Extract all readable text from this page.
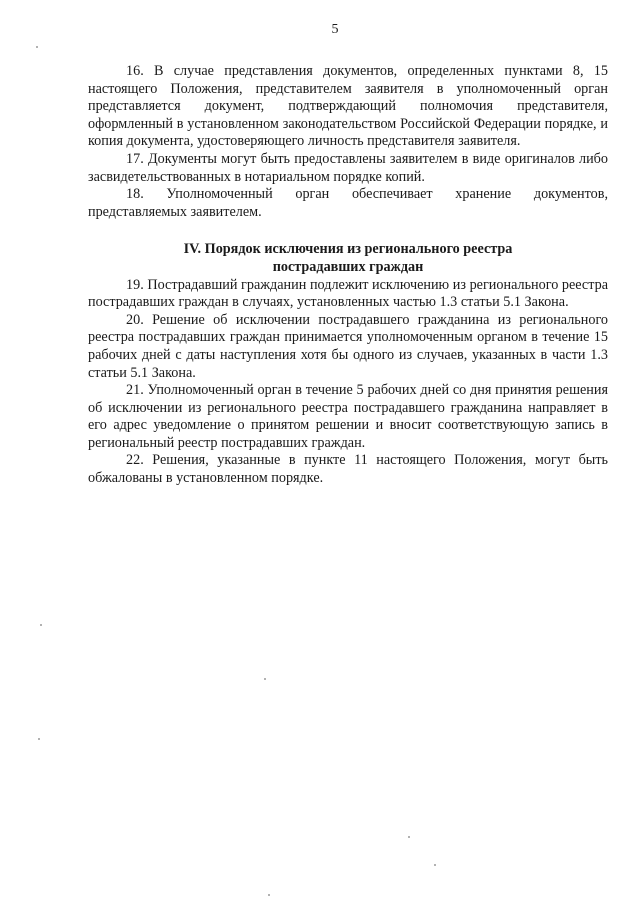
5

16. В случае представления документов, определенных пунктами 8, 15 настоящего Положения, представителем заявителя в уполномоченный орган представляется документ, подтверждающий полномочия представителя, оформленный в установленном законодательством Российской Федерации порядке, и копия документа, удостоверяющего личность представителя заявителя.

17. Документы могут быть предоставлены заявителем в виде оригиналов либо засвидетельствованных в нотариальном порядке копий.

18. Уполномоченный орган обеспечивает хранение документов, представляемых заявителем.

IV. Порядок исключения из регионального реестра
пострадавших граждан

19. Пострадавший гражданин подлежит исключению из регионального реестра пострадавших граждан в случаях, установленных частью 1.3 статьи 5.1 Закона.

20. Решение об исключении пострадавшего гражданина из регионального реестра пострадавших граждан принимается уполномоченным органом в течение 15 рабочих дней с даты наступления хотя бы одного из случаев, указанных в части 1.3 статьи 5.1 Закона.

21. Уполномоченный орган в течение 5 рабочих дней со дня принятия решения об исключении из регионального реестра пострадавшего гражданина направляет в его адрес уведомление о принятом решении и вносит соответствующую запись в региональный реестр пострадавших граждан.

22. Решения, указанные в пункте 11 настоящего Положения, могут быть обжалованы в установленном порядке.
